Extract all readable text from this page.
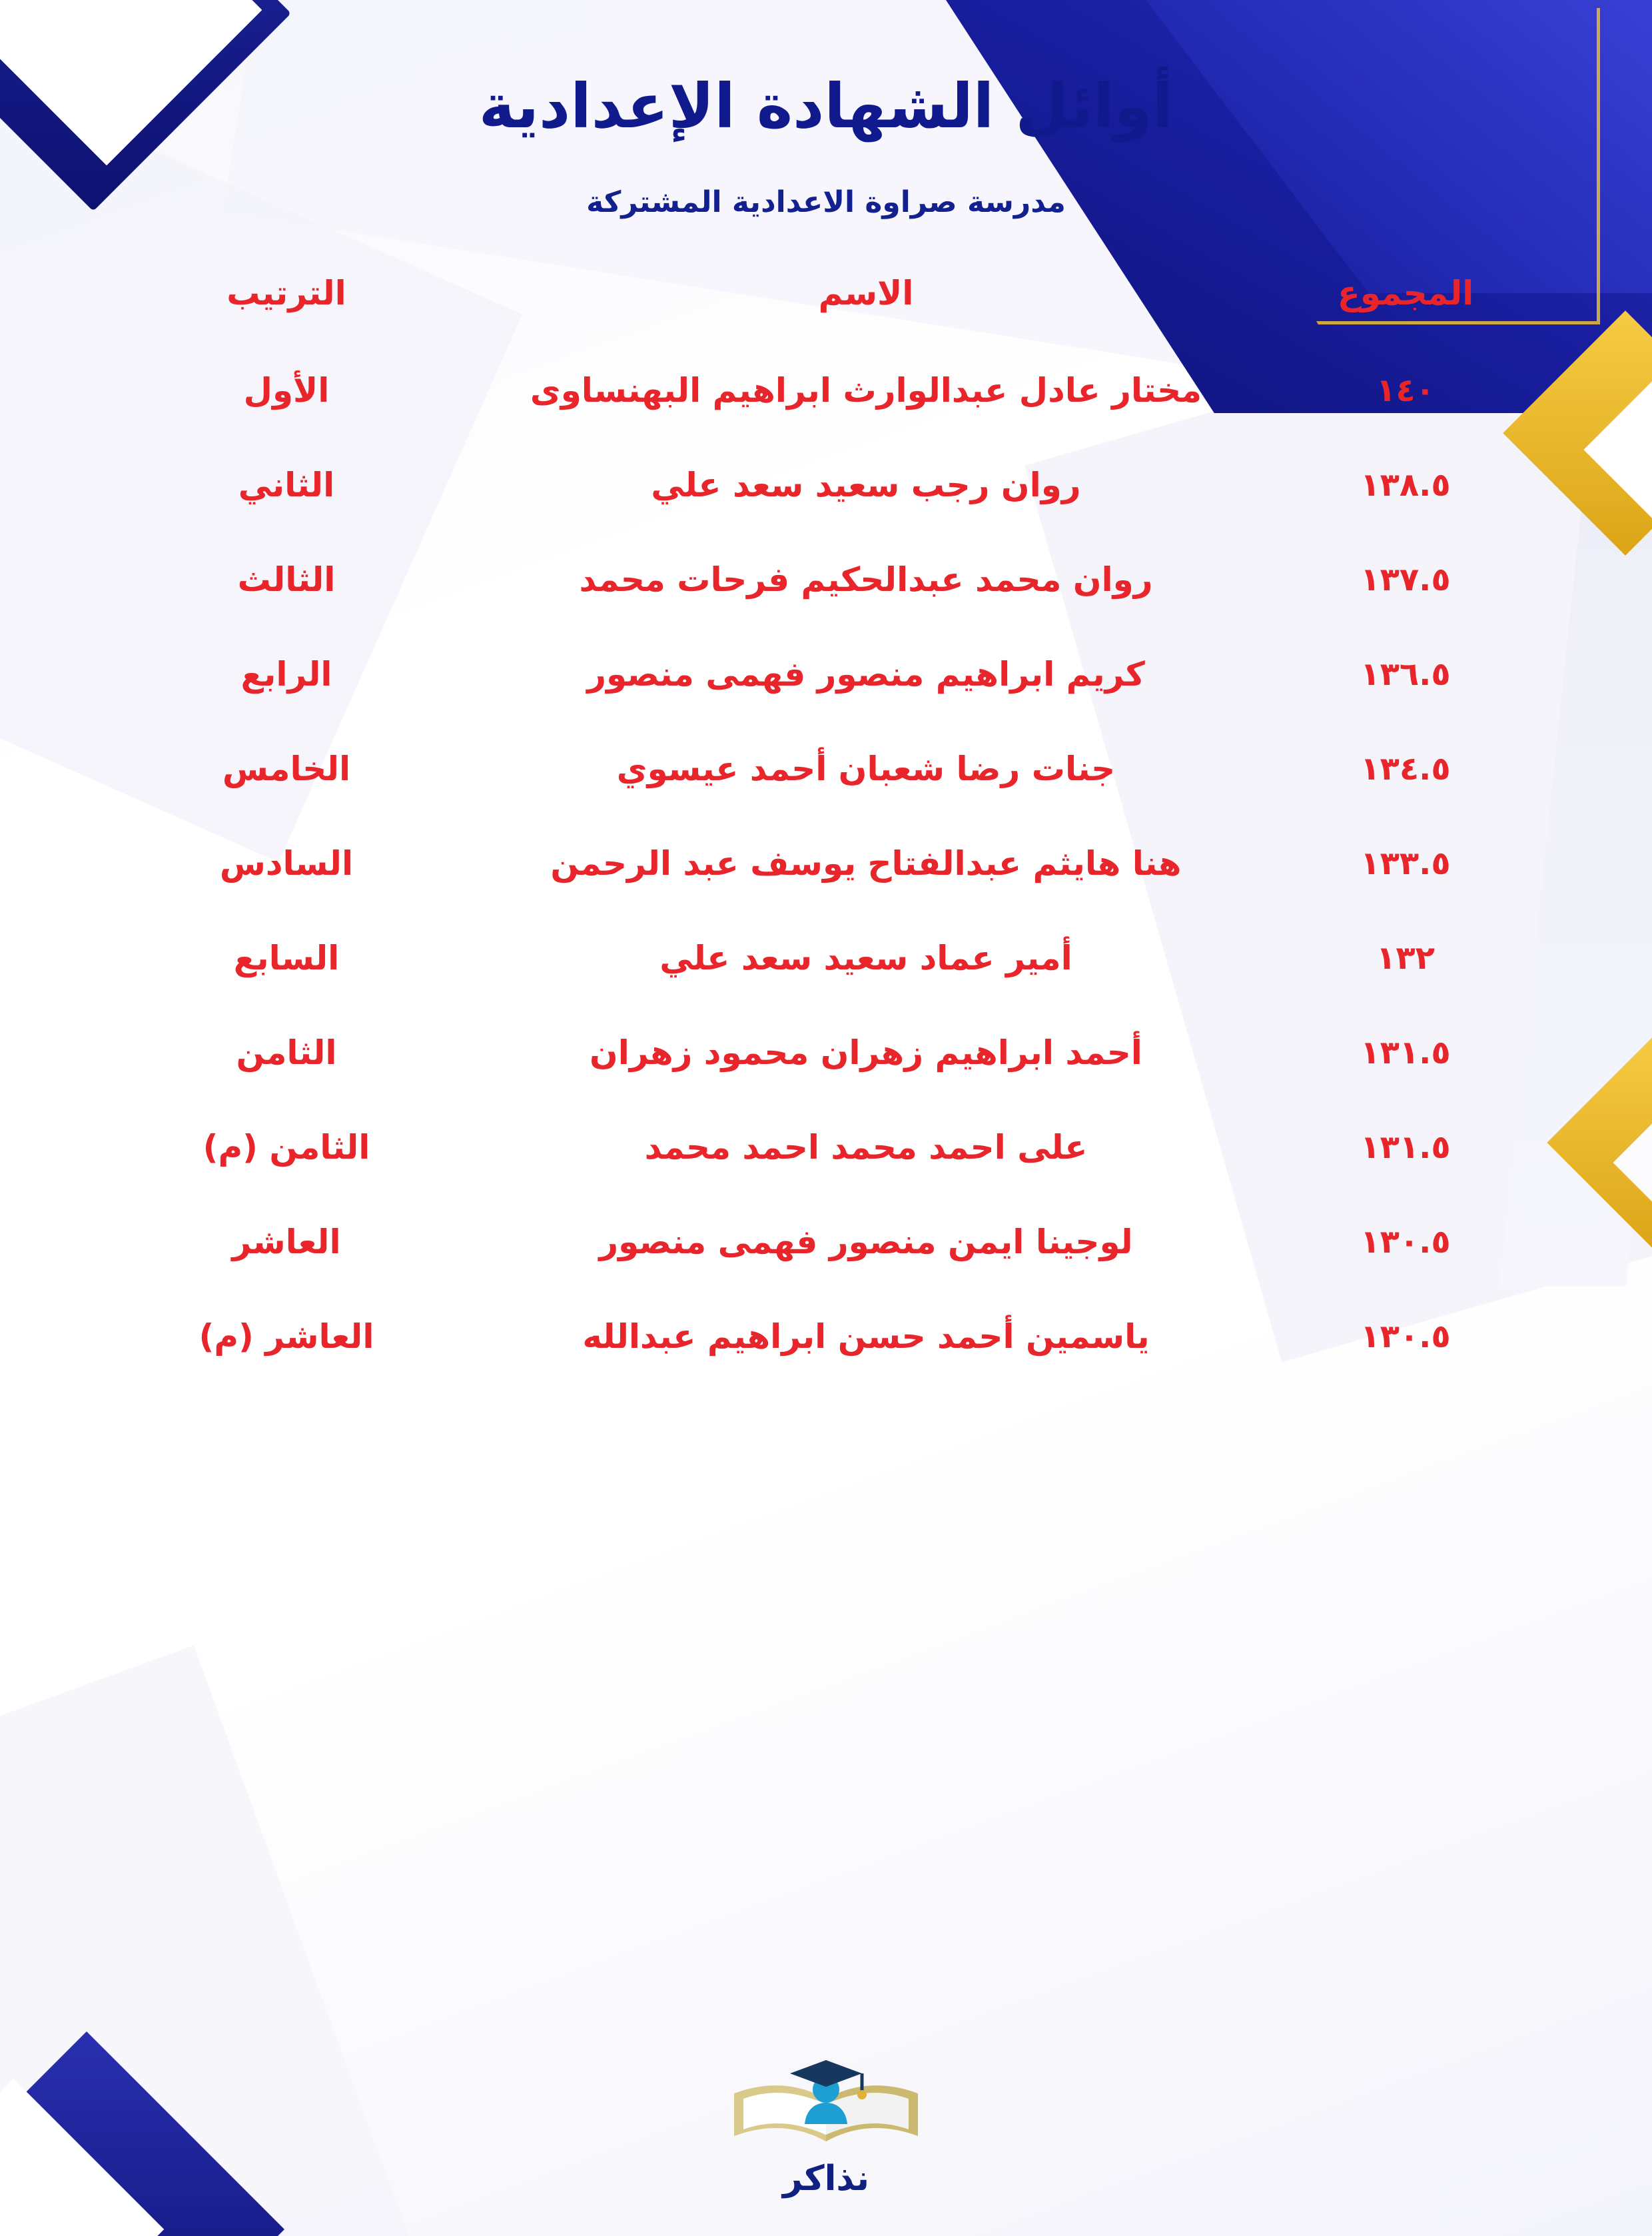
أوائل الشهادة الإعدادية
مدرسة صراوة الاعدادية المشتركة
المجموع	الاسم	الترتيب
١٤٠	مختار عادل عبدالوارث ابراهيم البهنساوى	الأول
١٣٨.٥	روان رجب سعيد سعد علي	الثاني
١٣٧.٥	روان محمد عبدالحكيم فرحات محمد	الثالث
١٣٦.٥	كريم ابراهيم منصور فهمى منصور	الرابع
١٣٤.٥	جنات رضا شعبان أحمد عيسوي	الخامس
١٣٣.٥	هنا هايثم عبدالفتاح يوسف عبد الرحمن	السادس
١٣٢	أمير عماد سعيد سعد علي	السابع
١٣١.٥	أحمد ابراهيم زهران محمود زهران	الثامن
١٣١.٥	على احمد محمد احمد محمد	الثامن (م)
١٣٠.٥	لوجينا ايمن منصور فهمى منصور	العاشر
١٣٠.٥	ياسمين أحمد حسن ابراهيم عبدالله	العاشر (م)
نذاكر
